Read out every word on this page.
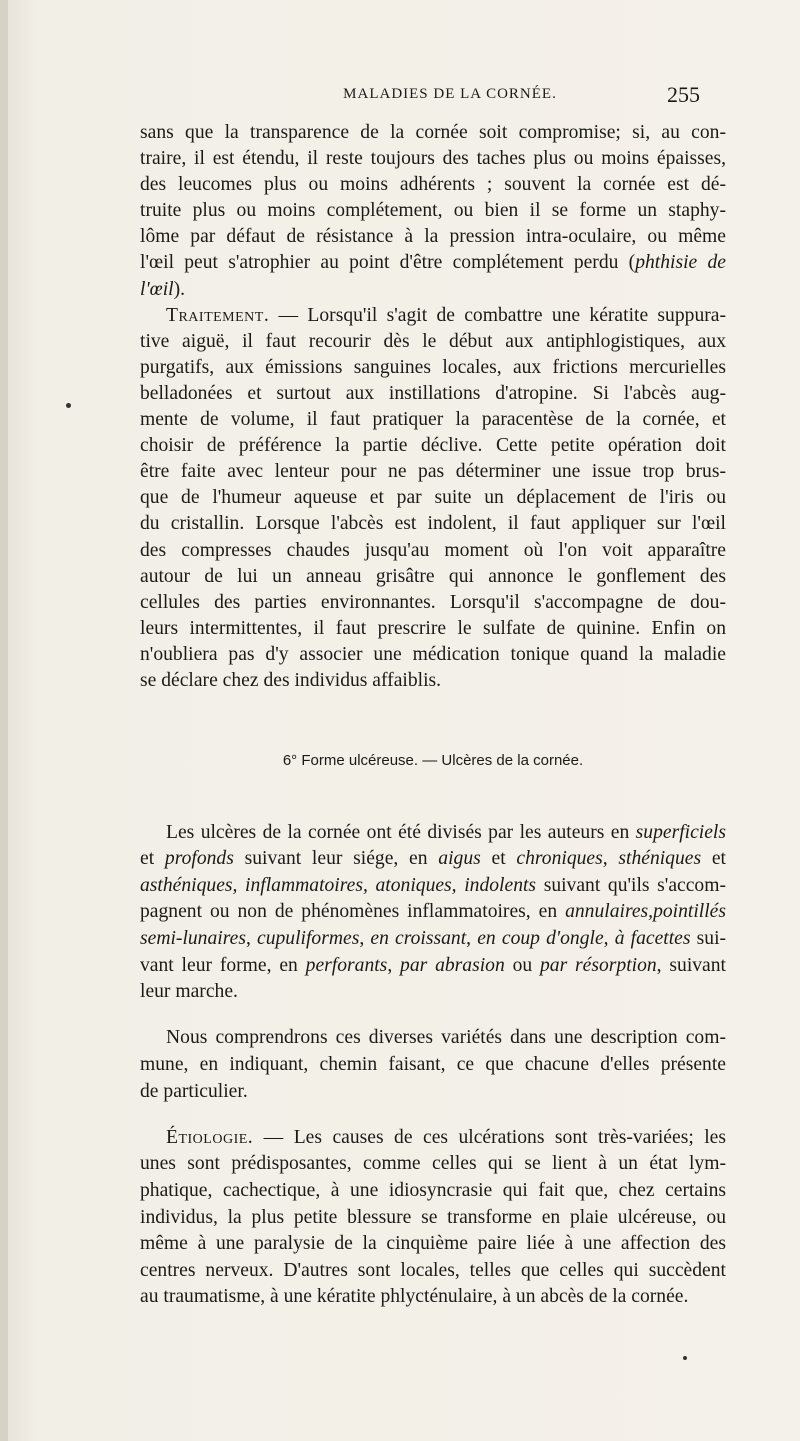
MALADIES DE LA CORNÉE.	255

sans que la transparence de la cornée soit compromise; si, au con-
traire, il est étendu, il reste toujours des taches plus ou moins épaisses,
des leucomes plus ou moins adhérents ; souvent la cornée est dé-
truite plus ou moins complétement, ou bien il se forme un staphy-
lôme par défaut de résistance à la pression intra-oculaire, ou même
l'œil peut s'atrophier au point d'être complétement perdu (phthisie de
l'œil).

Traitement. — Lorsqu'il s'agit de combattre une kératite suppura-
tive aiguë, il faut recourir dès le début aux antiphlogistiques, aux
purgatifs, aux émissions sanguines locales, aux frictions mercurielles
belladonées et surtout aux instillations d'atropine. Si l'abcès aug-
mente de volume, il faut pratiquer la paracentèse de la cornée, et
choisir de préférence la partie déclive. Cette petite opération doit
être faite avec lenteur pour ne pas déterminer une issue trop brus-
que de l'humeur aqueuse et par suite un déplacement de l'iris ou
du cristallin. Lorsque l'abcès est indolent, il faut appliquer sur l'œil
des compresses chaudes jusqu'au moment où l'on voit apparaître
autour de lui un anneau grisâtre qui annonce le gonflement des
cellules des parties environnantes. Lorsqu'il s'accompagne de dou-
leurs intermittentes, il faut prescrire le sulfate de quinine. Enfin on
n'oubliera pas d'y associer une médication tonique quand la maladie
se déclare chez des individus affaiblis.

6° Forme ulcéreuse. — Ulcères de la cornée.

Les ulcères de la cornée ont été divisés par les auteurs en superficiels
et profonds suivant leur siége, en aigus et chroniques, sthéniques et
asthéniques, inflammatoires, atoniques, indolents suivant qu'ils s'accom-
pagnent ou non de phénomènes inflammatoires, en annulaires,pointillés
semi-lunaires, cupuliformes, en croissant, en coup d'ongle, à facettes sui-
vant leur forme, en perforants, par abrasion ou par résorption, suivant
leur marche.

Nous comprendrons ces diverses variétés dans une description com-
mune, en indiquant, chemin faisant, ce que chacune d'elles présente
de particulier.

Étiologie. — Les causes de ces ulcérations sont très-variées; les
unes sont prédisposantes, comme celles qui se lient à un état lym-
phatique, cachectique, à une idiosyncrasie qui fait que, chez certains
individus, la plus petite blessure se transforme en plaie ulcéreuse, ou
même à une paralysie de la cinquième paire liée à une affection des
centres nerveux. D'autres sont locales, telles que celles qui succèdent
au traumatisme, à une kératite phlycténulaire, à un abcès de la cornée.
